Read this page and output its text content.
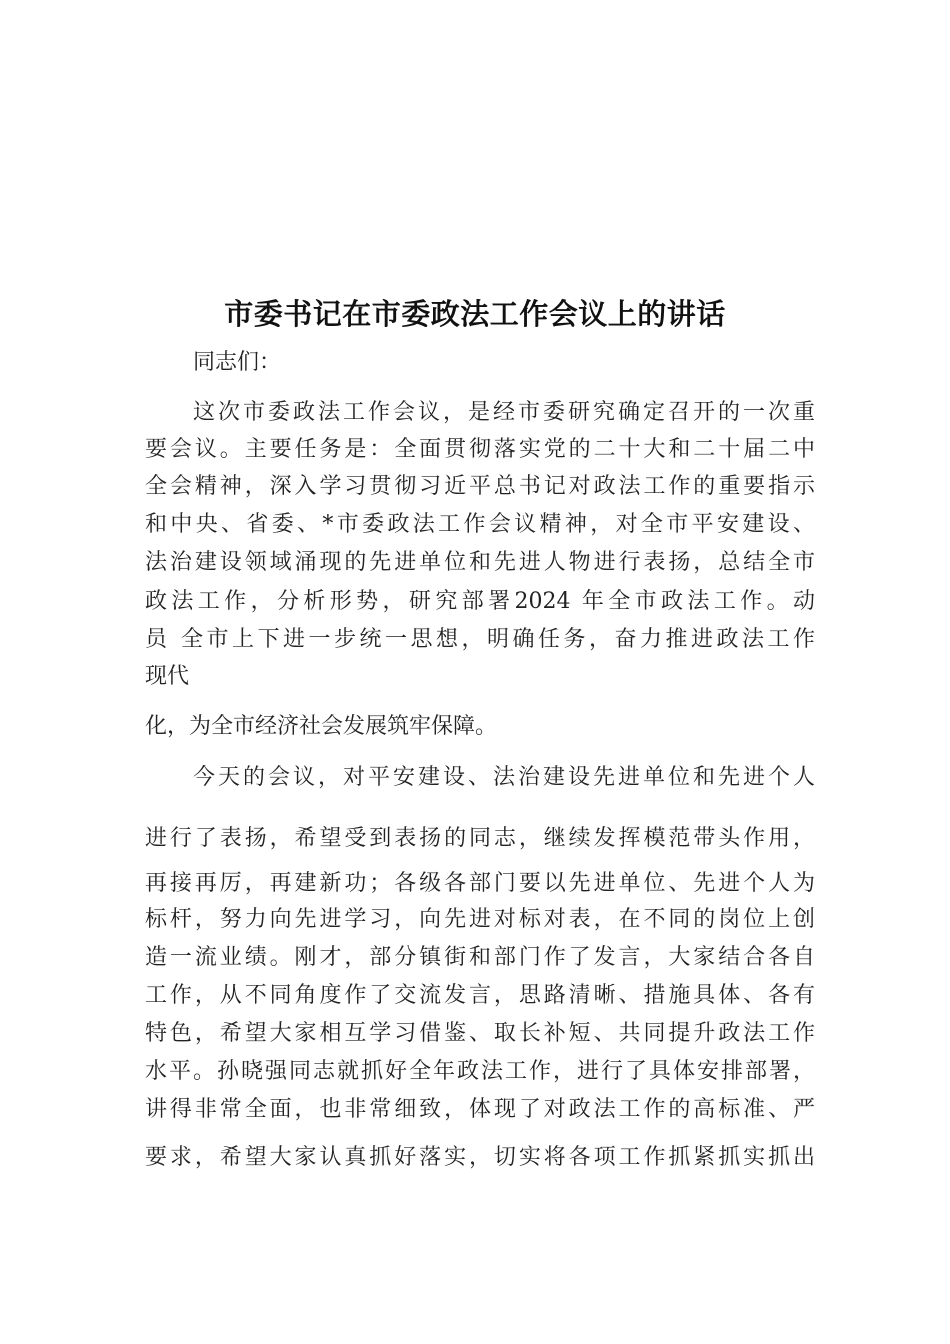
市委书记在市委政法工作会议上的讲话
同志们：
这次市委政法工作会议，是经市委研究确定召开的一次重
要会议。主要任务是：全面贯彻落实党的二十大和二十届二中
全会精神，深入学习贯彻习近平总书记对政法工作的重要指示
和中央、省委、*市委政法工作会议精神，对全市平安建设、
法治建设领域涌现的先进单位和先进人物进行表扬，总结全市
政法工作，分析形势，研究部署2024 年全市政法工作。动
员 全市上下进一步统一思想，明确任务，奋力推进政法工作
现代
化，为全市经济社会发展筑牢保障。
今天的会议，对平安建设、法治建设先进单位和先进个人
进行了表扬，希望受到表扬的同志，继续发挥模范带头作用，
再接再厉，再建新功；各级各部门要以先进单位、先进个人为
标杆，努力向先进学习，向先进对标对表，在不同的岗位上创
造一流业绩。刚才，部分镇街和部门作了发言，大家结合各自
工作，从不同角度作了交流发言，思路清晰、措施具体、各有
特色，希望大家相互学习借鉴、取长补短、共同提升政法工作
水平。孙晓强同志就抓好全年政法工作，进行了具体安排部署，
讲得非常全面，也非常细致，体现了对政法工作的高标准、严
要求，希望大家认真抓好落实，切实将各项工作抓紧抓实抓出
